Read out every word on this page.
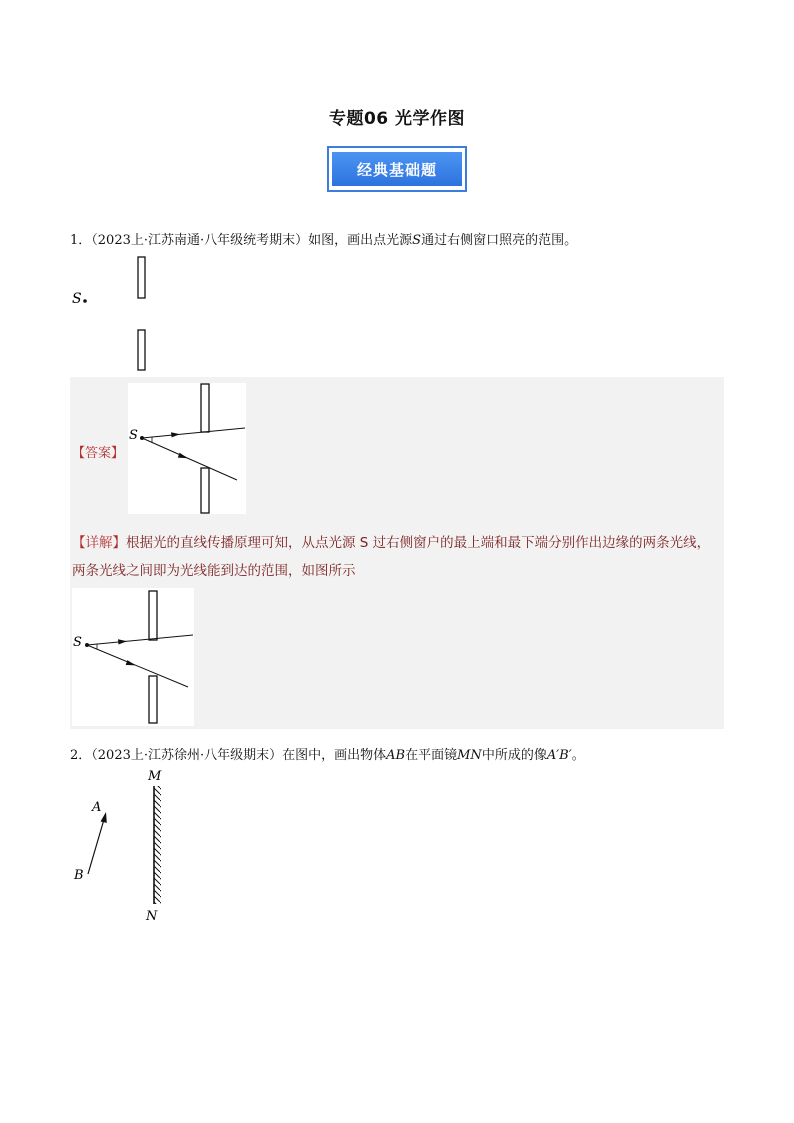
专题06 光学作图
经典基础题
1．（2023上·江苏南通·八年级统考期末）如图，画出点光源S通过右侧窗口照亮的范围。
S
【答案】
S
【详解】根据光的直线传播原理可知，从点光源 S 过右侧窗户的最上端和最下端分别作出边缘的两条光线，两条光线之间即为光线能到达的范围，如图所示
S
2．（2023上·江苏徐州·八年级期末）在图中，画出物体AB在平面镜MN中所成的像A′B′。
M
N
A
B
